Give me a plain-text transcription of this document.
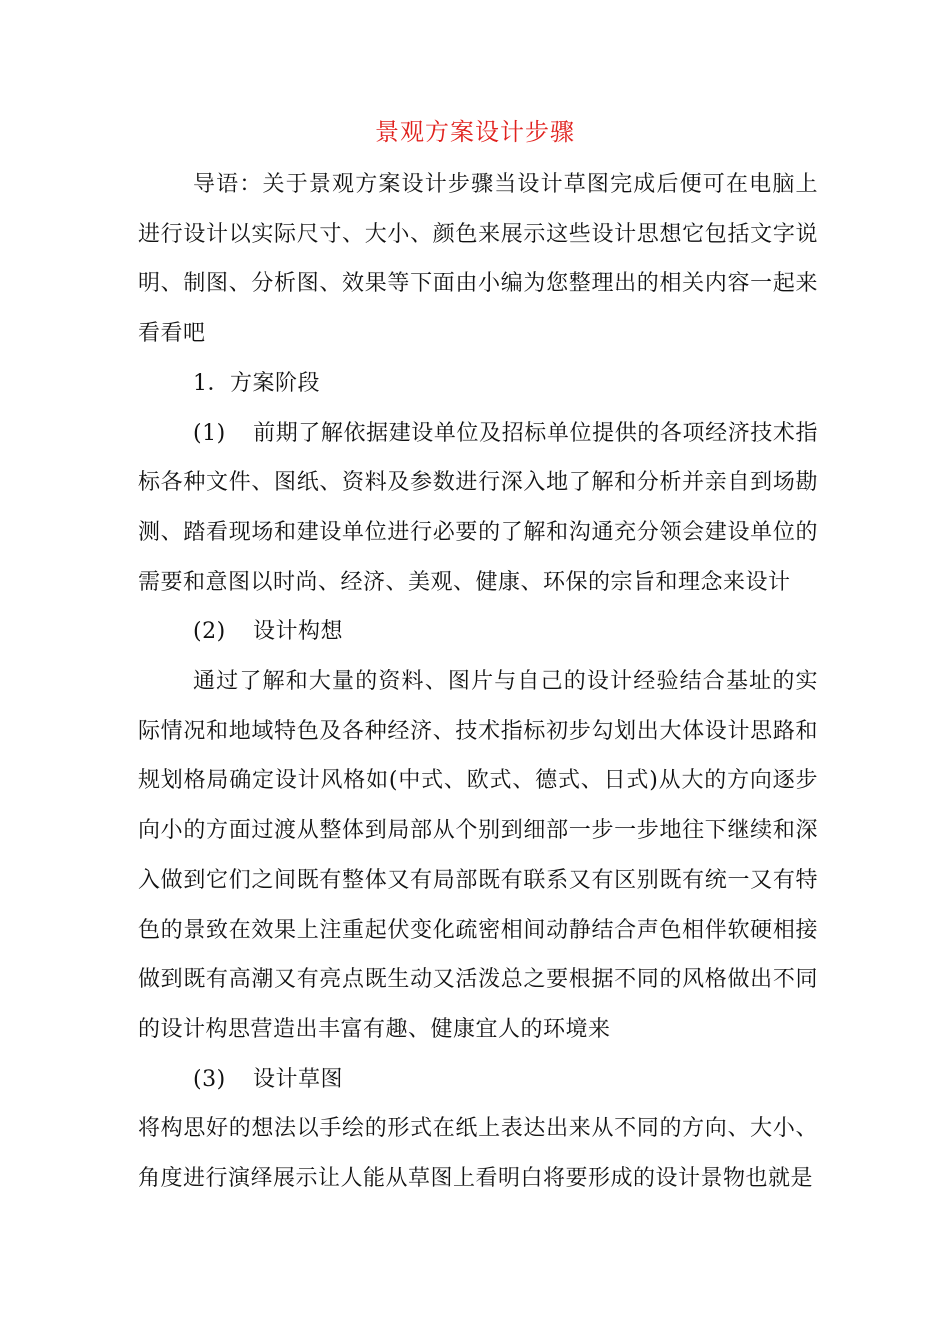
景观方案设计步骤

导语：关于景观方案设计步骤当设计草图完成后便可在电脑上进行设计以实际尺寸、大小、颜色来展示这些设计思想它包括文字说明、制图、分析图、效果等下面由小编为您整理出的相关内容一起来看看吧

1．方案阶段

(1) 前期了解依据建设单位及招标单位提供的各项经济技术指标各种文件、图纸、资料及参数进行深入地了解和分析并亲自到场勘测、踏看现场和建设单位进行必要的了解和沟通充分领会建设单位的需要和意图以时尚、经济、美观、健康、环保的宗旨和理念来设计

(2) 设计构想

通过了解和大量的资料、图片与自己的设计经验结合基址的实际情况和地域特色及各种经济、技术指标初步勾划出大体设计思路和规划格局确定设计风格如(中式、欧式、德式、日式)从大的方向逐步向小的方面过渡从整体到局部从个别到细部一步一步地往下继续和深入做到它们之间既有整体又有局部既有联系又有区别既有统一又有特色的景致在效果上注重起伏变化疏密相间动静结合声色相伴软硬相接做到既有高潮又有亮点既生动又活泼总之要根据不同的风格做出不同的设计构思营造出丰富有趣、健康宜人的环境来

(3) 设计草图

将构思好的想法以手绘的形式在纸上表达出来从不同的方向、大小、角度进行演绎展示让人能从草图上看明白将要形成的设计景物也就是
